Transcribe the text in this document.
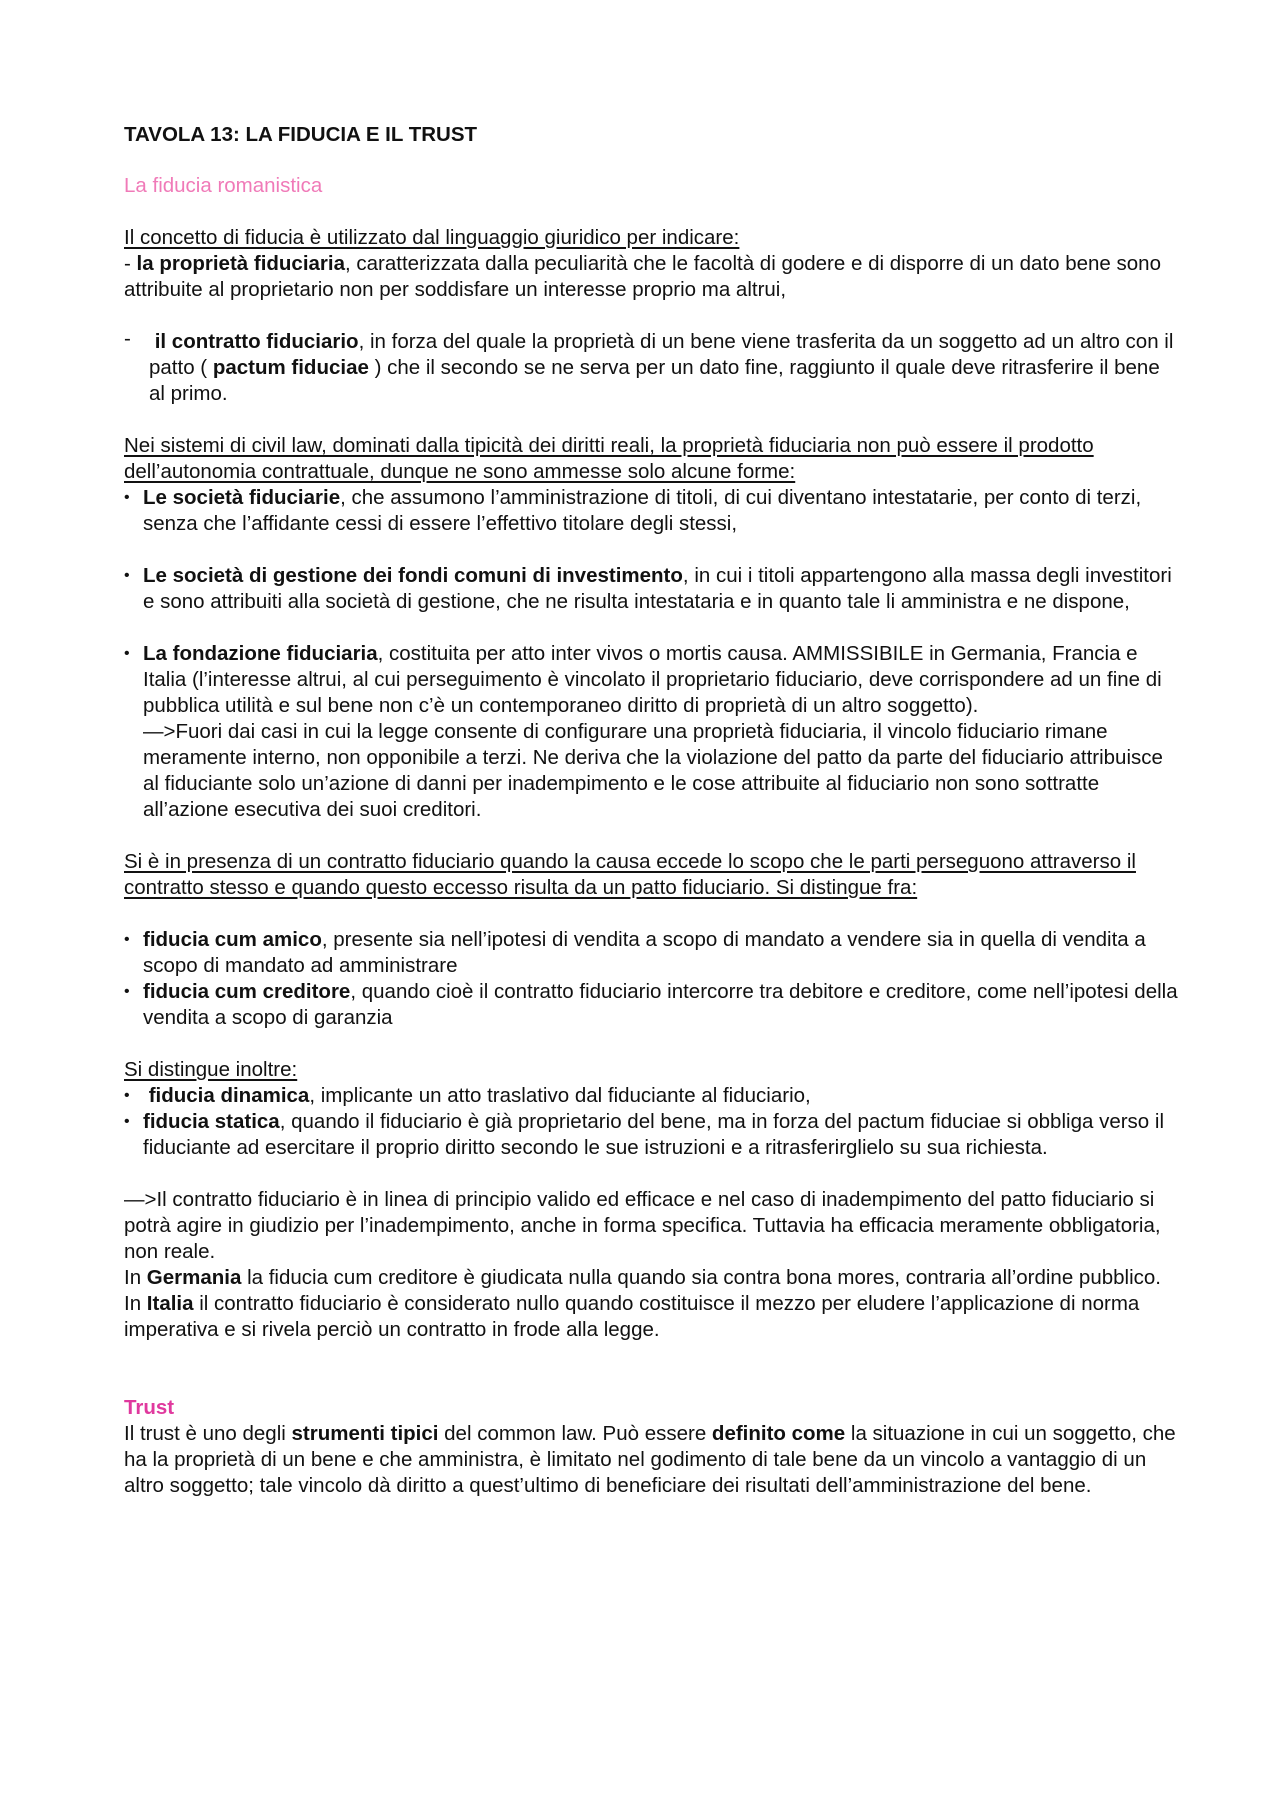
TAVOLA 13: LA FIDUCIA E IL TRUST

La fiducia romanistica

Il concetto di fiducia è utilizzato dal linguaggio giuridico per indicare:

- la proprietà fiduciaria, caratterizzata dalla peculiarità che le facoltà di godere e di disporre di un dato bene sono attribuite al proprietario non per soddisfare un interesse proprio ma altrui,

- il contratto fiduciario, in forza del quale la proprietà di un bene viene trasferita da un soggetto ad un altro con il patto ( pactum fiduciae ) che il secondo se ne serva per un dato fine, raggiunto il quale deve ritrasferire il bene al primo.

Nei sistemi di civil law, dominati dalla tipicità dei diritti reali, la proprietà fiduciaria non può essere il prodotto dell’autonomia contrattuale, dunque ne sono ammesse solo alcune forme:

• Le società fiduciarie, che assumono l’amministrazione di titoli, di cui diventano intestatarie, per conto di terzi, senza che l’affidante cessi di essere l’effettivo titolare degli stessi,
• Le società di gestione dei fondi comuni di investimento, in cui i titoli appartengono alla massa degli investitori e sono attribuiti alla società di gestione, che ne risulta intestataria e in quanto tale li amministra e ne dispone,
• La fondazione fiduciaria, costituita per atto inter vivos o mortis causa. AMMISSIBILE in Germania, Francia e Italia (l’interesse altrui, al cui perseguimento è vincolato il proprietario fiduciario, deve corrispondere ad un fine di pubblica utilità e sul bene non c’è un contemporaneo diritto di proprietà di un altro soggetto).
—>Fuori dai casi in cui la legge consente di configurare una proprietà fiduciaria, il vincolo fiduciario rimane meramente interno, non opponibile a terzi. Ne deriva che la violazione del patto da parte del fiduciario attribuisce al fiduciante solo un’azione di danni per inadempimento e le cose attribuite al fiduciario non sono sottratte all’azione esecutiva dei suoi creditori.

Si è in presenza di un contratto fiduciario quando la causa eccede lo scopo che le parti perseguono attraverso il contratto stesso e quando questo eccesso risulta da un patto fiduciario. Si distingue fra:

• fiducia cum amico, presente sia nell’ipotesi di vendita a scopo di mandato a vendere sia in quella di vendita a scopo di mandato ad amministrare
• fiducia cum creditore, quando cioè il contratto fiduciario intercorre tra debitore e creditore, come nell’ipotesi della vendita a scopo di garanzia

Si distingue inoltre:

• fiducia dinamica, implicante un atto traslativo dal fiduciante al fiduciario,
• fiducia statica, quando il fiduciario è già proprietario del bene, ma in forza del pactum fiduciae si obbliga verso il fiduciante ad esercitare il proprio diritto secondo le sue istruzioni e a ritrasferirglielo su sua richiesta.

—>Il contratto fiduciario è in linea di principio valido ed efficace e nel caso di inadempimento del patto fiduciario si potrà agire in giudizio per l’inadempimento, anche in forma specifica. Tuttavia ha efficacia meramente obbligatoria, non reale.

In Germania la fiducia cum creditore è giudicata nulla quando sia contra bona mores, contraria all’ordine pubblico. In Italia il contratto fiduciario è considerato nullo quando costituisce il mezzo per eludere l’applicazione di norma imperativa e si rivela perciò un contratto in frode alla legge.

Trust

Il trust è uno degli strumenti tipici del common law. Può essere definito come la situazione in cui un soggetto, che ha la proprietà di un bene e che amministra, è limitato nel godimento di tale bene da un vincolo a vantaggio di un altro soggetto; tale vincolo dà diritto a quest’ultimo di beneficiare dei risultati dell’amministrazione del bene.
